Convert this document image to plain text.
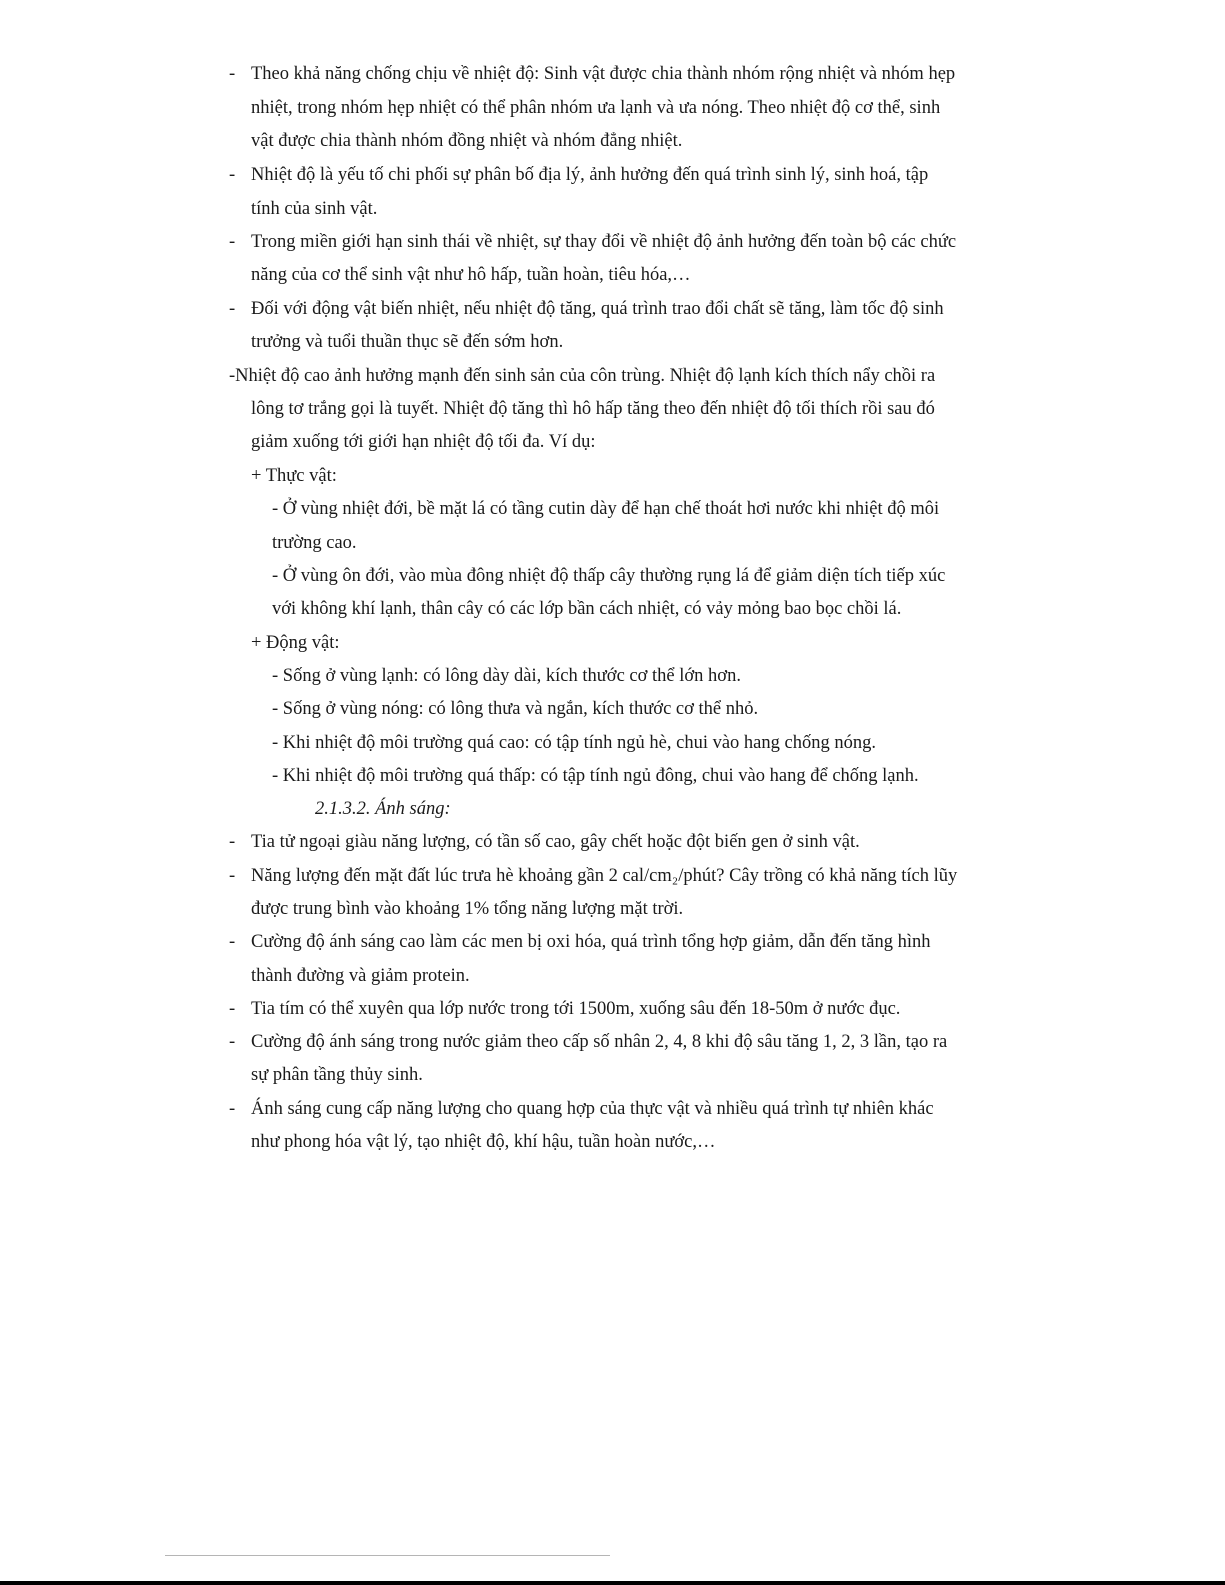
- Theo khả năng chống chịu về nhiệt độ: Sinh vật được chia thành nhóm rộng nhiệt và nhóm hẹp
nhiệt, trong nhóm hẹp nhiệt có thể phân nhóm ưa lạnh và ưa nóng. Theo nhiệt độ cơ thể, sinh
vật được chia thành nhóm đồng nhiệt và nhóm đẳng nhiệt.
- Nhiệt độ là yếu tố chi phối sự phân bố địa lý, ảnh hưởng đến quá trình sinh lý, sinh hoá, tập
tính của sinh vật.
- Trong miền giới hạn sinh thái về nhiệt, sự thay đổi về nhiệt độ ảnh hưởng đến toàn bộ các chức
năng của cơ thể sinh vật như hô hấp, tuần hoàn, tiêu hóa,…
- Đối với động vật biến nhiệt, nếu nhiệt độ tăng, quá trình trao đổi chất sẽ tăng, làm tốc độ sinh
trưởng và tuổi thuần thục sẽ đến sớm hơn.
-Nhiệt độ cao ảnh hưởng mạnh đến sinh sản của côn trùng. Nhiệt độ lạnh kích thích nẩy chồi ra
lông tơ trắng gọi là tuyết. Nhiệt độ tăng thì hô hấp tăng theo đến nhiệt độ tối thích rồi sau đó
giảm xuống tới giới hạn nhiệt độ tối đa. Ví dụ:
+ Thực vật:
- Ở vùng nhiệt đới, bề mặt lá có tầng cutin dày để hạn chế thoát hơi nước khi nhiệt độ môi
trường cao.
- Ở vùng ôn đới, vào mùa đông nhiệt độ thấp cây thường rụng lá để giảm diện tích tiếp xúc
với không khí lạnh, thân cây có các lớp bần cách nhiệt, có vảy mỏng bao bọc chồi lá.
+ Động vật:
- Sống ở vùng lạnh: có lông dày dài, kích thước cơ thể lớn hơn.
- Sống ở vùng nóng: có lông thưa và ngắn, kích thước cơ thể nhỏ.
- Khi nhiệt độ môi trường quá cao: có tập tính ngủ hè, chui vào hang chống nóng.
- Khi nhiệt độ môi trường quá thấp: có tập tính ngủ đông, chui vào hang để chống lạnh.
2.1.3.2. Ánh sáng:
- Tia tử ngoại giàu năng lượng, có tần số cao, gây chết hoặc đột biến gen ở sinh vật.
- Năng lượng đến mặt đất lúc trưa hè khoảng gần 2 cal/cm₂/phút? Cây trồng có khả năng tích lũy
được trung bình vào khoảng 1% tổng năng lượng mặt trời.
- Cường độ ánh sáng cao làm các men bị oxi hóa, quá trình tổng hợp giảm, dẫn đến tăng hình
thành đường và giảm protein.
- Tia tím có thể xuyên qua lớp nước trong tới 1500m, xuống sâu đến 18-50m ở nước đục.
- Cường độ ánh sáng trong nước giảm theo cấp số nhân 2, 4, 8 khi độ sâu tăng 1, 2, 3 lần, tạo ra
sự phân tầng thủy sinh.
- Ánh sáng cung cấp năng lượng cho quang hợp của thực vật và nhiều quá trình tự nhiên khác
như phong hóa vật lý, tạo nhiệt độ, khí hậu, tuần hoàn nước,…
